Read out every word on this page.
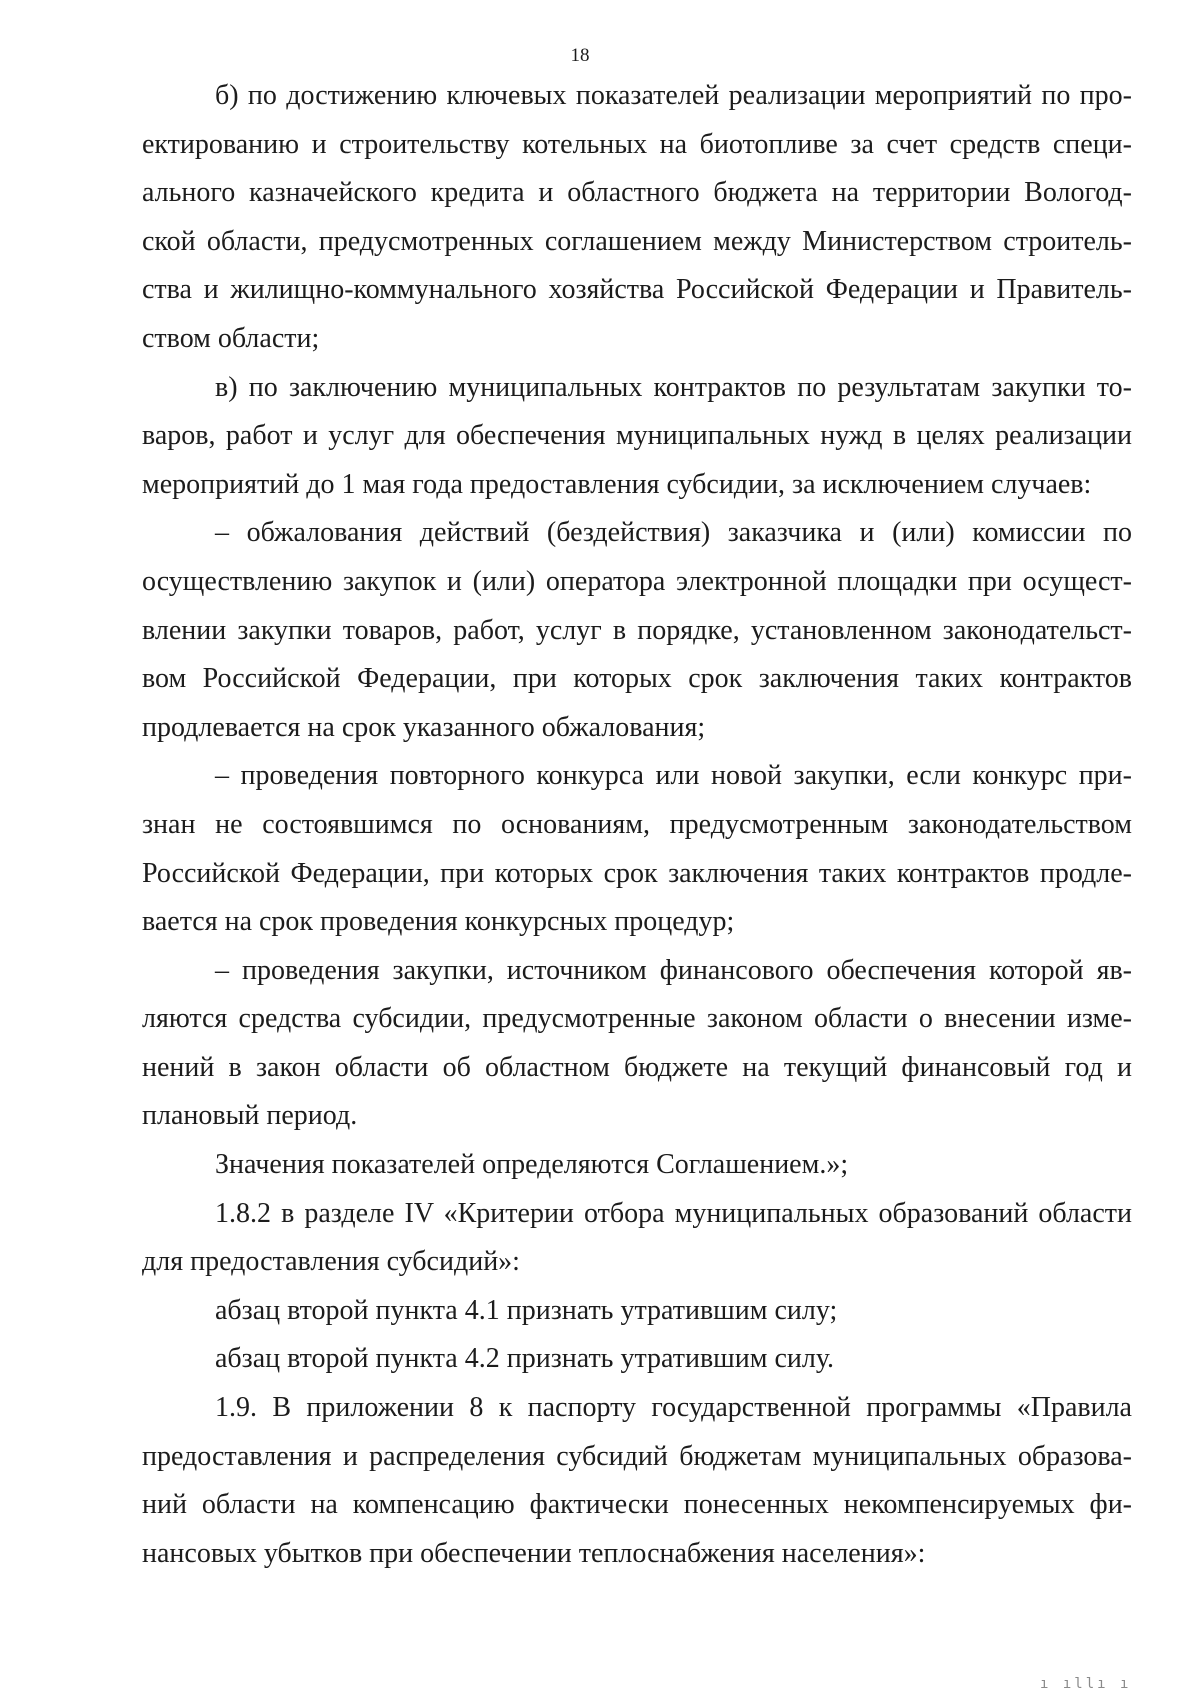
18
б) по достижению ключевых показателей реализации мероприятий по про-
ектированию и строительству котельных на биотопливе за счет средств специ-
ального казначейского кредита и областного бюджета на территории Вологод-
ской области, предусмотренных соглашением между Министерством строитель-
ства и жилищно-коммунального хозяйства Российской Федерации и Правитель-
ством области;
в) по заключению муниципальных контрактов по результатам закупки то-
варов, работ и услуг для обеспечения муниципальных нужд в целях реализации
мероприятий до 1 мая года предоставления субсидии, за исключением случаев:
– обжалования действий (бездействия) заказчика и (или) комиссии по
осуществлению закупок и (или) оператора электронной площадки при осущест-
влении закупки товаров, работ, услуг в порядке, установленном законодательст-
вом Российской Федерации, при которых срок заключения таких контрактов
продлевается на срок указанного обжалования;
– проведения повторного конкурса или новой закупки, если конкурс при-
знан не состоявшимся по основаниям, предусмотренным законодательством
Российской Федерации, при которых срок заключения таких контрактов продле-
вается на срок проведения конкурсных процедур;
– проведения закупки, источником финансового обеспечения которой яв-
ляются средства субсидии, предусмотренные законом области о внесении изме-
нений в закон области об областном бюджете на текущий финансовый год и
плановый период.
Значения показателей определяются Соглашением.»;
1.8.2 в разделе IV «Критерии отбора муниципальных образований области
для предоставления субсидий»:
абзац второй пункта 4.1 признать утратившим силу;
абзац второй пункта 4.2 признать утратившим силу.
1.9. В приложении 8 к паспорту государственной программы «Правила
предоставления и распределения субсидий бюджетам муниципальных образова-
ний области на компенсацию фактически понесенных некомпенсируемых фи-
нансовых убытков при обеспечении теплоснабжения населения»:
ı ıllı ı
